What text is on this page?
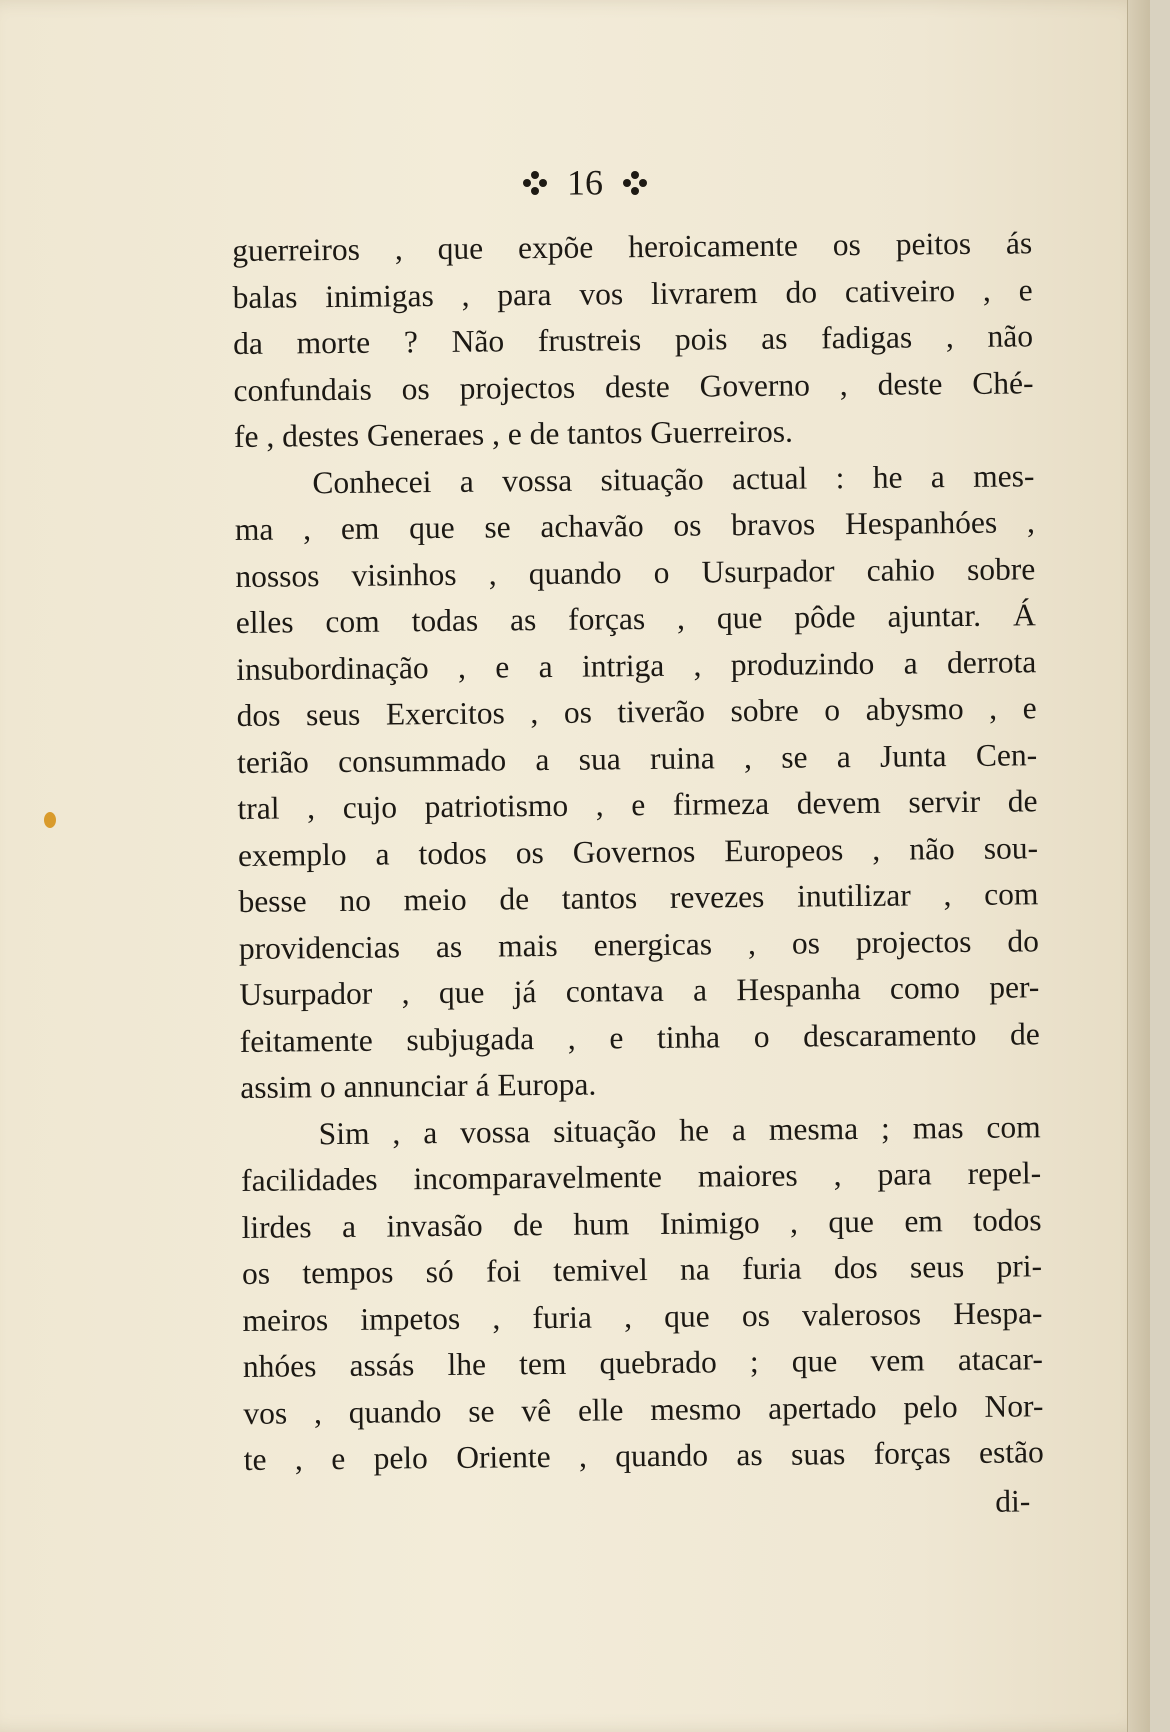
16
guerreiros , que expõe heroicamente os peitos ás
balas inimigas , para vos livrarem do cativeiro , e
da morte ? Não frustreis pois as fadigas , não
confundais os projectos deste Governo , deste Ché-
fe , destes Generaes , e de tantos Guerreiros.
Conhecei a vossa situação actual : he a mes-
ma , em que se achavão os bravos Hespanhóes ,
nossos visinhos , quando o Usurpador cahio sobre
elles com todas as forças , que pôde ajuntar. Á
insubordinação , e a intriga , produzindo a derrota
dos seus Exercitos , os tiverão sobre o abysmo , e
terião consummado a sua ruina , se a Junta Cen-
tral , cujo patriotismo , e firmeza devem servir de
exemplo a todos os Governos Europeos , não sou-
besse no meio de tantos revezes inutilizar , com
providencias as mais energicas , os projectos do
Usurpador , que já contava a Hespanha como per-
feitamente subjugada , e tinha o descaramento de
assim o annunciar á Europa.
Sim , a vossa situação he a mesma ; mas com
facilidades incomparavelmente maiores , para repel-
lirdes a invasão de hum Inimigo , que em todos
os tempos só foi temivel na furia dos seus pri-
meiros impetos , furia , que os valerosos Hespa-
nhóes assás lhe tem quebrado ; que vem atacar-
vos , quando se vê elle mesmo apertado pelo Nor-
te , e pelo Oriente , quando as suas forças estão
di-
